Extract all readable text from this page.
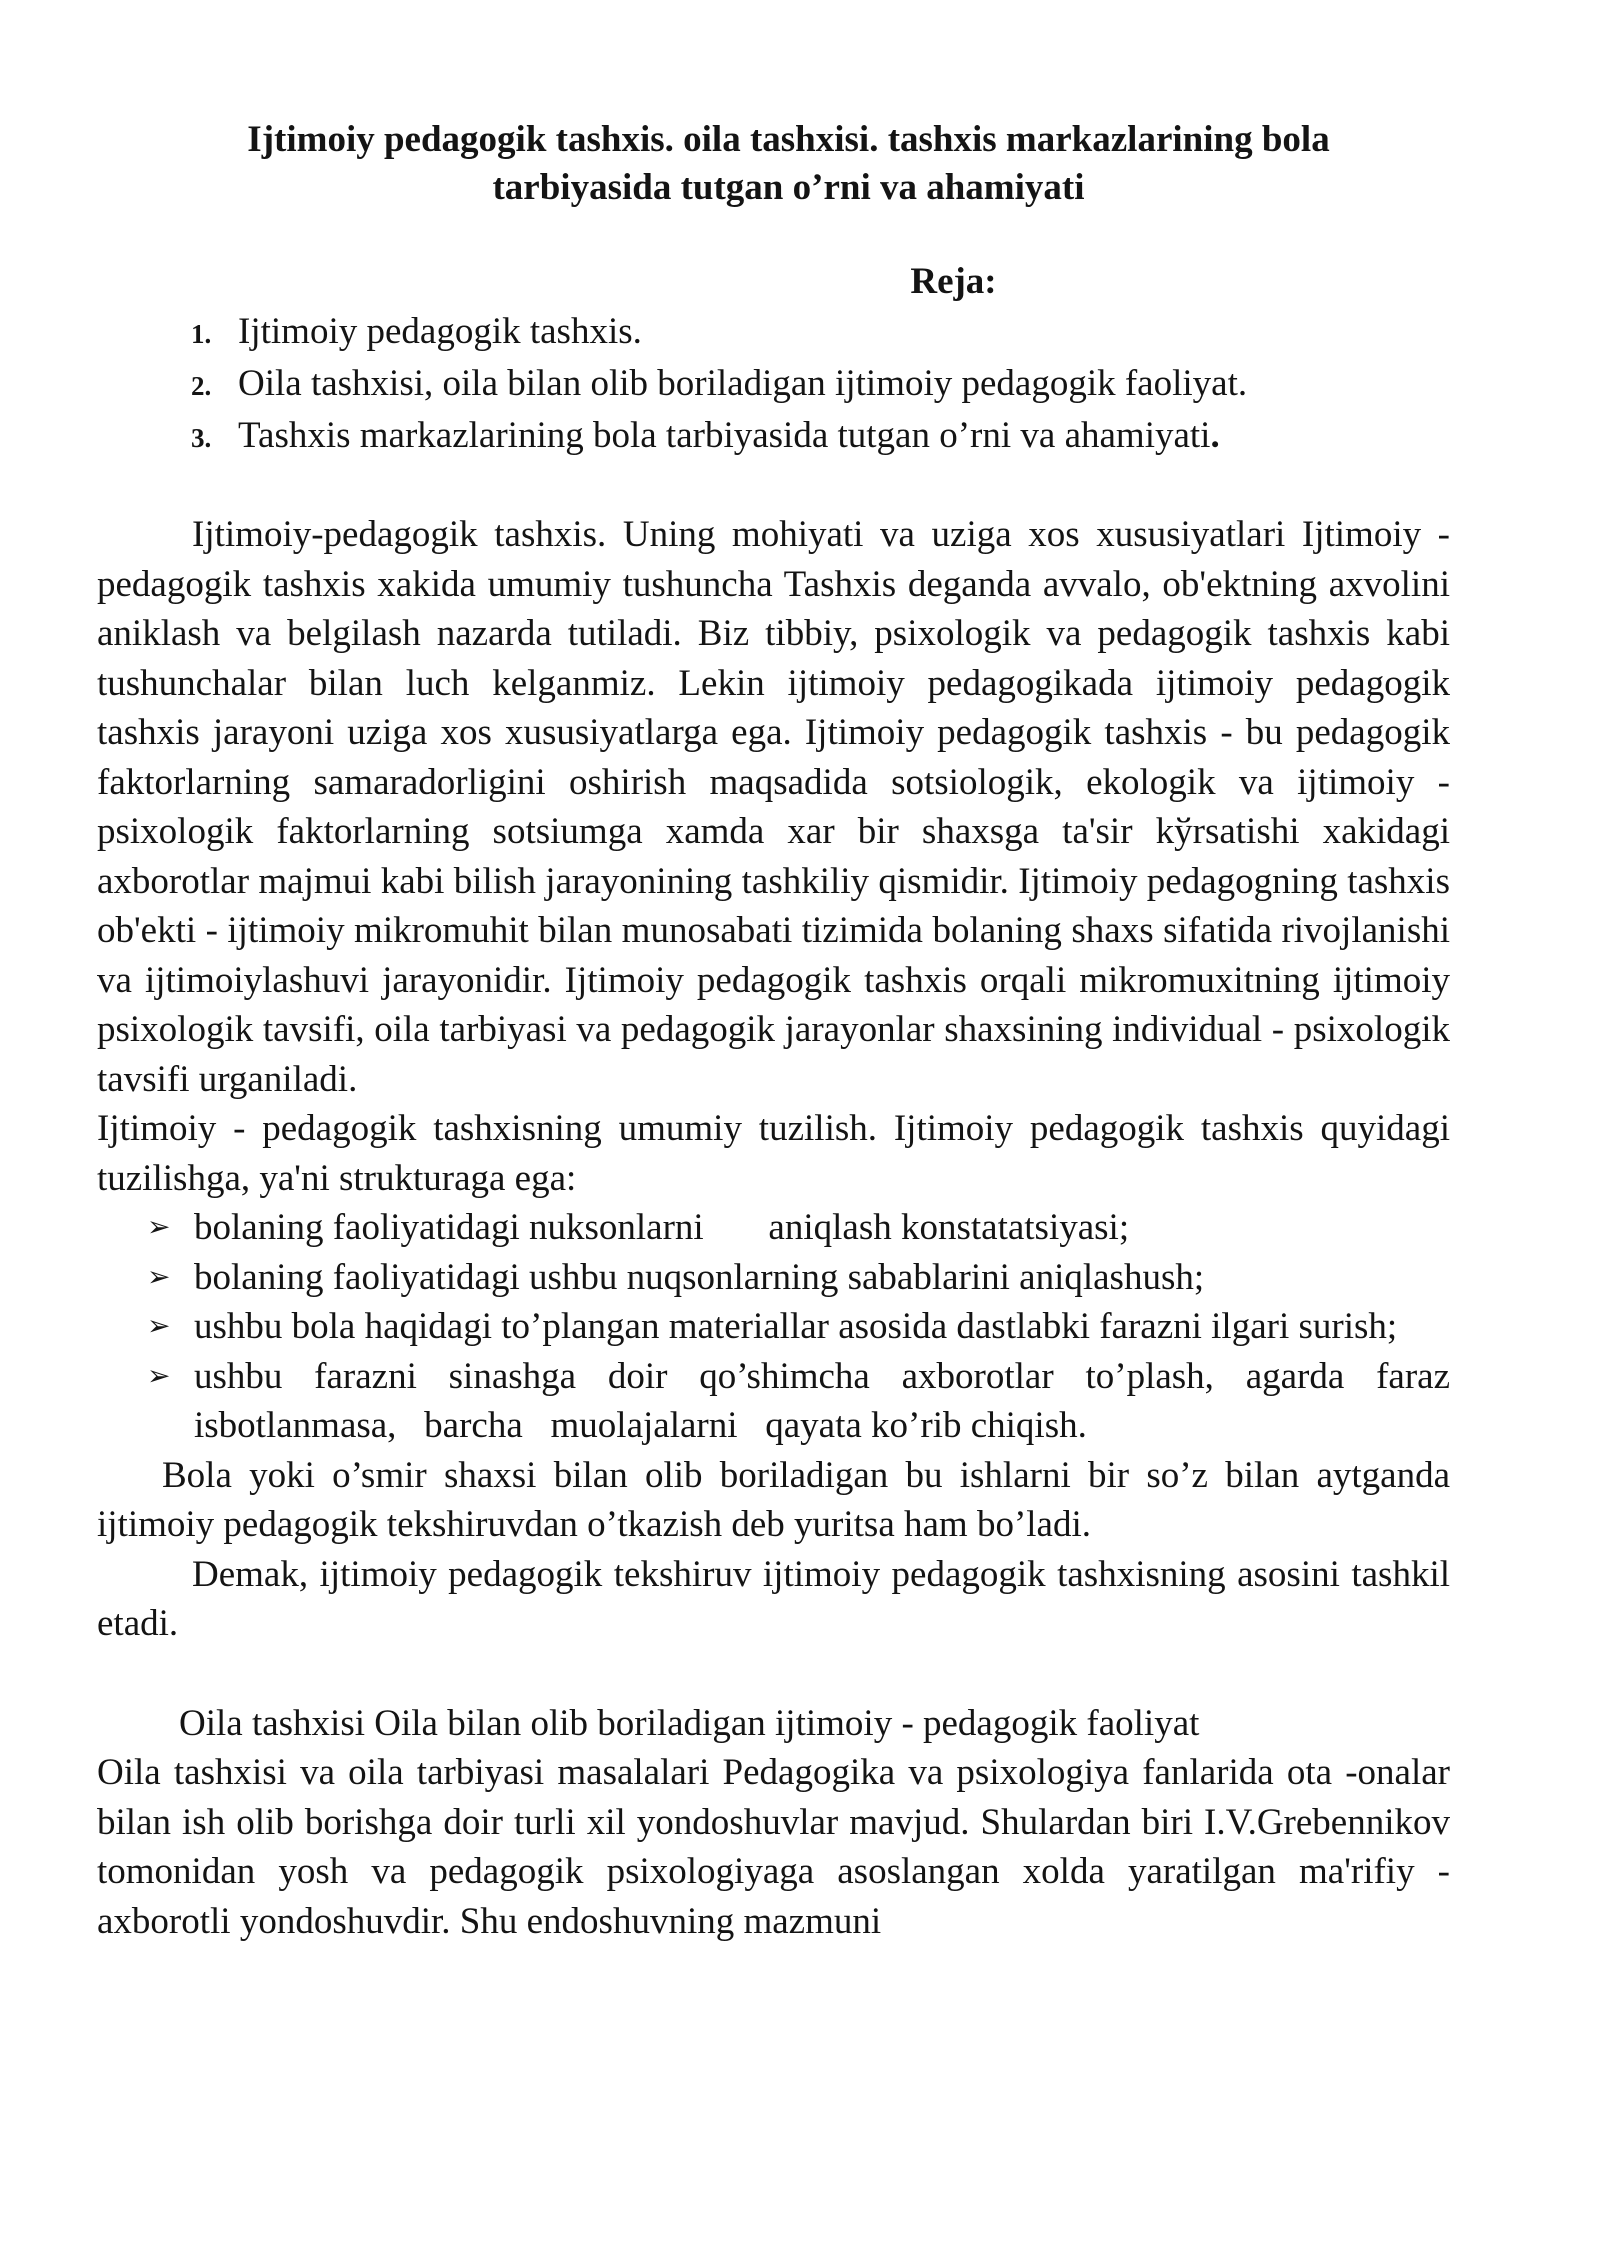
Ijtimoiy pedagogik tashxis. oila tashxisi. tashxis markazlarining bola
tarbiyasida tutgan o’rni va ahamiyati
Reja:
1. Ijtimoiy pedagogik tashxis.
2. Oila tashxisi, oila bilan olib boriladigan ijtimoiy pedagogik faoliyat.
3. Tashxis markazlarining bola tarbiyasida tutgan o’rni va ahamiyati.

Ijtimoiy-pedagogik tashxis. Uning mohiyati va uziga xos xususiyatlari Ijtimoiy - pedagogik tashxis xakida umumiy tushuncha Tashxis deganda avvalo, ob'ektning axvolini aniklash va belgilash nazarda tutiladi. Biz tibbiy, psixologik va pedagogik tashxis kabi tushunchalar bilan luch kelganmiz. Lekin ijtimoiy pedagogikada ijtimoiy pedagogik tashxis jarayoni uziga xos xususiyatlarga ega. Ijtimoiy pedagogik tashxis - bu pedagogik faktorlarning samaradorligini oshirish maqsadida sotsiologik, ekologik va ijtimoiy - psixologik faktorlarning sotsiumga xamda xar bir shaxsga ta'sir kўrsatishi xakidagi axborotlar majmui kabi bilish jarayonining tashkiliy qismidir. Ijtimoiy pedagogning tashxis ob'ekti - ijtimoiy mikromuhit bilan munosabati tizimida bolaning shaxs sifatida rivojlanishi va ijtimoiylashuvi jarayonidir. Ijtimoiy pedagogik tashxis orqali mikromuxitning ijtimoiy psixologik tavsifi, oila tarbiyasi va pedagogik jarayonlar shaxsining individual - psixologik tavsifi urganiladi.

Ijtimoiy - pedagogik tashxisning umumiy tuzilish. Ijtimoiy pedagogik tashxis quyidagi tuzilishga, ya'ni strukturaga ega:

➢ bolaning faoliyatidagi nuksonlarni       aniqlash konstatatsiyasi;
➢ bolaning faoliyatidagi ushbu nuqsonlarning sabablarini aniqlashush;
➢ ushbu bola haqidagi to’plangan materiallar asosida dastlabki farazni ilgari surish;
➢ ushbu farazni sinashga doir qo’shimcha axborotlar to’plash, agarda faraz isbotlanmasa,   barcha   muolajalarni   qayata ko’rib chiqish.

Bola yoki o’smir shaxsi bilan olib boriladigan bu ishlarni bir so’z bilan aytganda ijtimoiy pedagogik tekshiruvdan o’tkazish deb yuritsa ham bo’ladi.

Demak, ijtimoiy pedagogik tekshiruv ijtimoiy pedagogik tashxisning asosini tashkil etadi.

Oila tashxisi Oila bilan olib boriladigan ijtimoiy - pedagogik faoliyat

Oila tashxisi va oila tarbiyasi masalalari Pedagogika va psixologiya fanlarida ota -onalar bilan ish olib borishga doir turli xil yondoshuvlar mavjud. Shulardan biri I.V.Grebennikov tomonidan yosh va pedagogik psixologiyaga asoslangan xolda yaratilgan ma'rifiy - axborotli yondoshuvdir. Shu endoshuvning mazmuni
